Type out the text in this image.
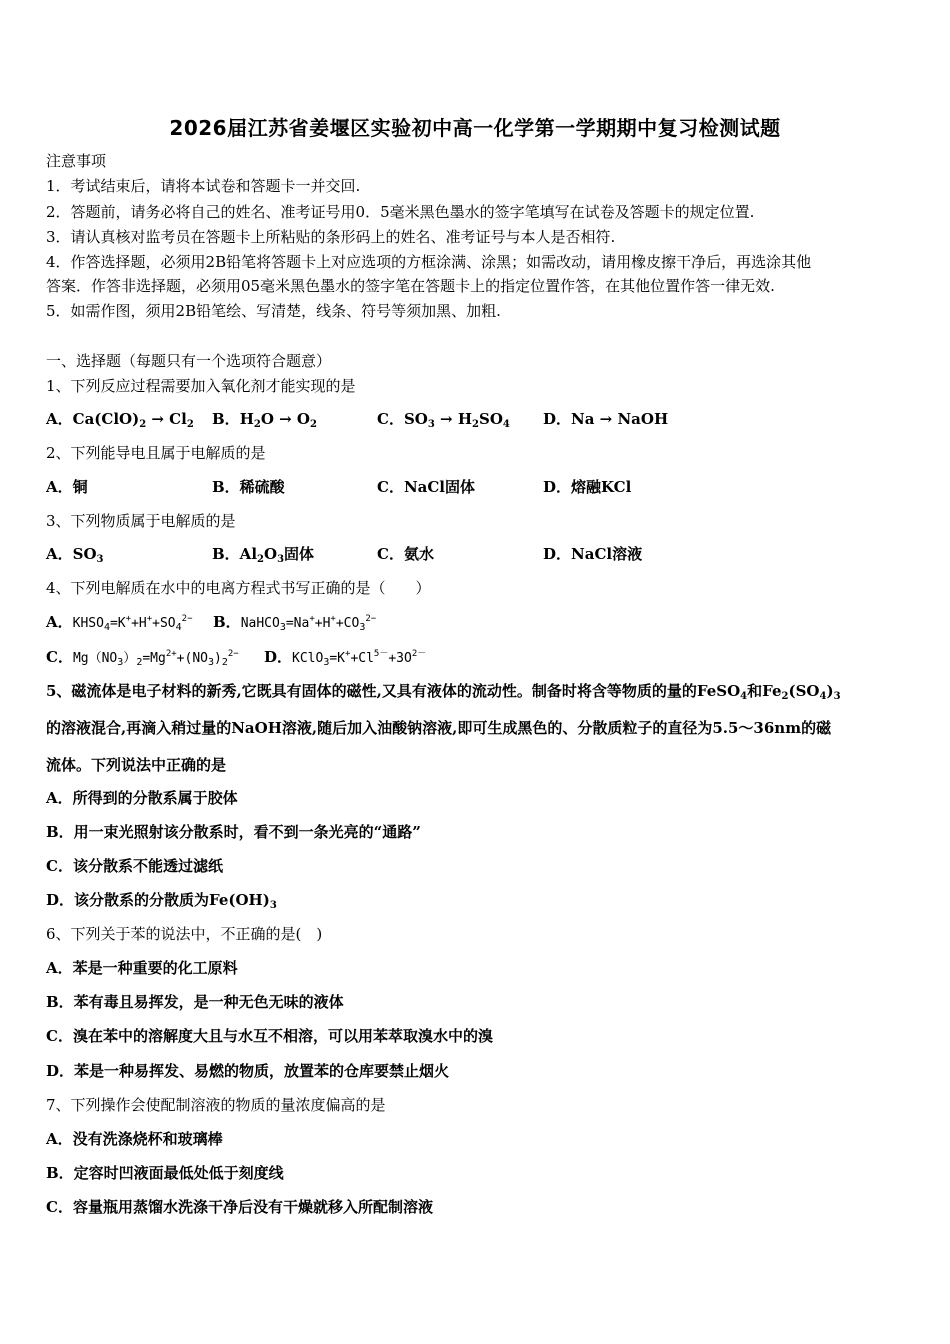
2026届江苏省姜堰区实验初中高一化学第一学期期中复习检测试题
注意事项
1．考试结束后，请将本试卷和答题卡一并交回.
2．答题前，请务必将自己的姓名、准考证号用0．5毫米黑色墨水的签字笔填写在试卷及答题卡的规定位置.
3．请认真核对监考员在答题卡上所粘贴的条形码上的姓名、准考证号与本人是否相符.
4．作答选择题，必须用2B铅笔将答题卡上对应选项的方框涂满、涂黑；如需改动，请用橡皮擦干净后，再选涂其他
答案．作答非选择题，必须用05毫米黑色墨水的签字笔在答题卡上的指定位置作答，在其他位置作答一律无效.
5．如需作图，须用2B铅笔绘、写清楚，线条、符号等须加黑、加粗.
一、选择题（每题只有一个选项符合题意）
1、下列反应过程需要加入氧化剂才能实现的是
A．$Ca(ClO)_2 \to Cl_2$ B．$H_2O \to O_2$	C．$SO_3 \to H_2SO_4$ D．Na → NaOH
2、下列能导电且属于电解质的是
A．铜	B．稀硫酸	C．NaCl固体	D．熔融KCl
3、下列物质属于电解质的是
A．$SO_3$	B．$Al_2O_3$固体	C．氨水	D．NaCl溶液
4、下列电解质在水中的电离方程式书写正确的是（　　）
A．$KHSO_4=K^++H^++SO_4^{2-}$ B．$NaHCO_3=Na^++H^++CO_3^{2-}$
C．$Mg(NO_3)_2=Mg^{2+}+(NO_3)_2^{2-}$ D．$KClO_3=K^++Cl^{5-}+3O^{2-}$
5、磁流体是电子材料的新秀,它既具有固体的磁性,又具有液体的流动性。制备时将含等物质的量的FeSO$_4$和$Fe_2(SO_4)_3$
的溶液混合,再滴入稍过量的NaOH溶液,随后加入油酸钠溶液,即可生成黑色的、分散质粒子的直径为5.5～36nm的磁
流体。下列说法中正确的是
A．所得到的分散系属于胶体
B．用一束光照射该分散系时，看不到一条光亮的“通路”
C．该分散系不能透过滤纸
D．该分散系的分散质为$Fe(OH)_3$
6、下列关于苯的说法中，不正确的是(　)
A．苯是一种重要的化工原料
B．苯有毒且易挥发，是一种无色无味的液体
C．溴在苯中的溶解度大且与水互不相溶，可以用苯萃取溴水中的溴
D．苯是一种易挥发、易燃的物质，放置苯的仓库要禁止烟火
7、下列操作会使配制溶液的物质的量浓度偏高的是
A．没有洗涤烧杯和玻璃棒
B．定容时凹液面最低处低于刻度线
C．容量瓶用蒸馏水洗涤干净后没有干燥就移入所配制溶液
